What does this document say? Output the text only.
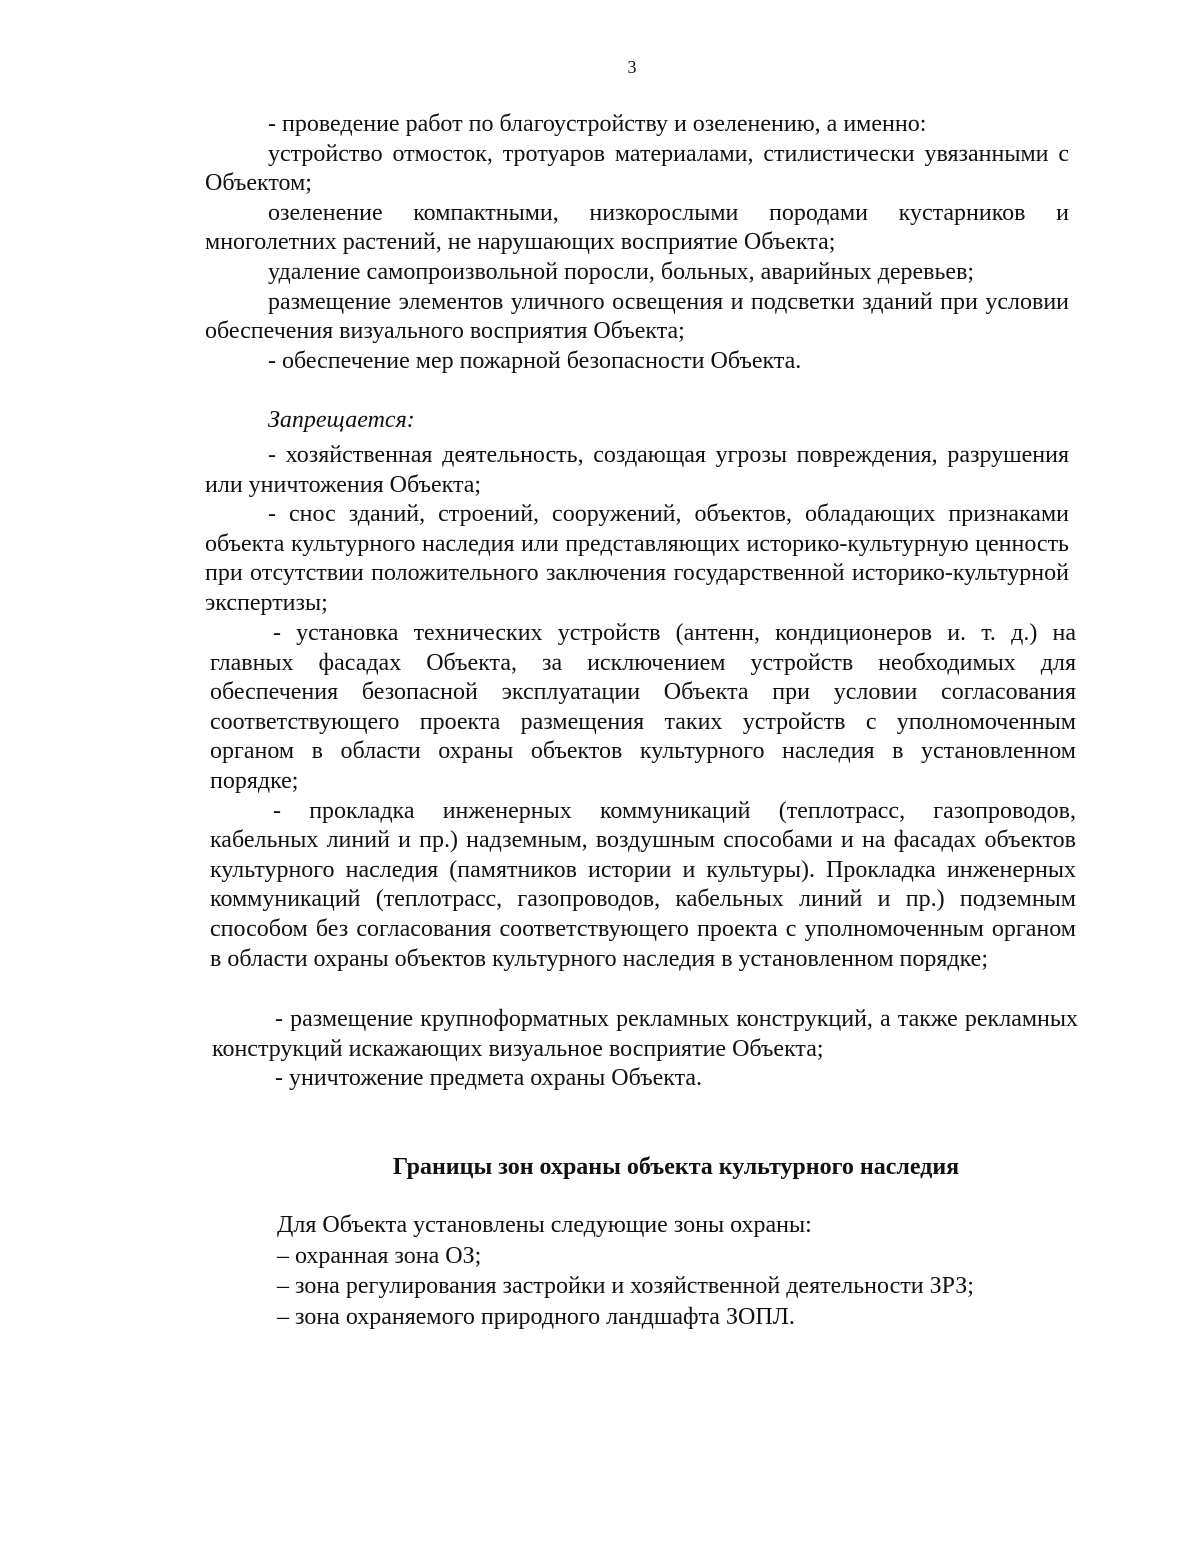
3

- проведение работ по благоустройству и озеленению, а именно:

устройство отмосток, тротуаров материалами, стилистически увязанными с Объектом;

озеленение компактными, низкорослыми породами кустарников и многолетних растений, не нарушающих восприятие Объекта;

удаление самопроизвольной поросли, больных, аварийных деревьев;

размещение элементов уличного освещения и подсветки зданий при условии обеспечения визуального восприятия Объекта;

- обеспечение мер пожарной безопасности Объекта.

Запрещается:

- хозяйственная деятельность, создающая угрозы повреждения, разрушения или уничтожения Объекта;

- снос зданий, строений, сооружений, объектов, обладающих признаками объекта культурного наследия или представляющих историко-культурную ценность при отсутствии положительного заключения государственной историко-культурной экспертизы;

- установка технических устройств (антенн, кондиционеров и. т. д.) на главных фасадах Объекта, за исключением устройств необходимых для обеспечения безопасной эксплуатации Объекта при условии согласования соответствующего проекта размещения таких устройств с уполномоченным органом в области охраны объектов культурного наследия в установленном порядке;

- прокладка инженерных коммуникаций (теплотрасс, газопроводов, кабельных линий и пр.) надземным, воздушным способами и на фасадах объектов культурного наследия (памятников истории и культуры). Прокладка инженерных коммуникаций (теплотрасс, газопроводов, кабельных линий и пр.) подземным способом без согласования соответствующего проекта с уполномоченным органом в области охраны объектов культурного наследия в установленном порядке;

- размещение крупноформатных рекламных конструкций, а также рекламных конструкций искажающих визуальное восприятие Объекта;

- уничтожение предмета охраны Объекта.

Границы зон охраны объекта культурного наследия
Для Объекта установлены следующие зоны охраны:
– охранная зона ОЗ;
– зона регулирования застройки и хозяйственной деятельности ЗРЗ;
– зона охраняемого природного ландшафта ЗОПЛ.
